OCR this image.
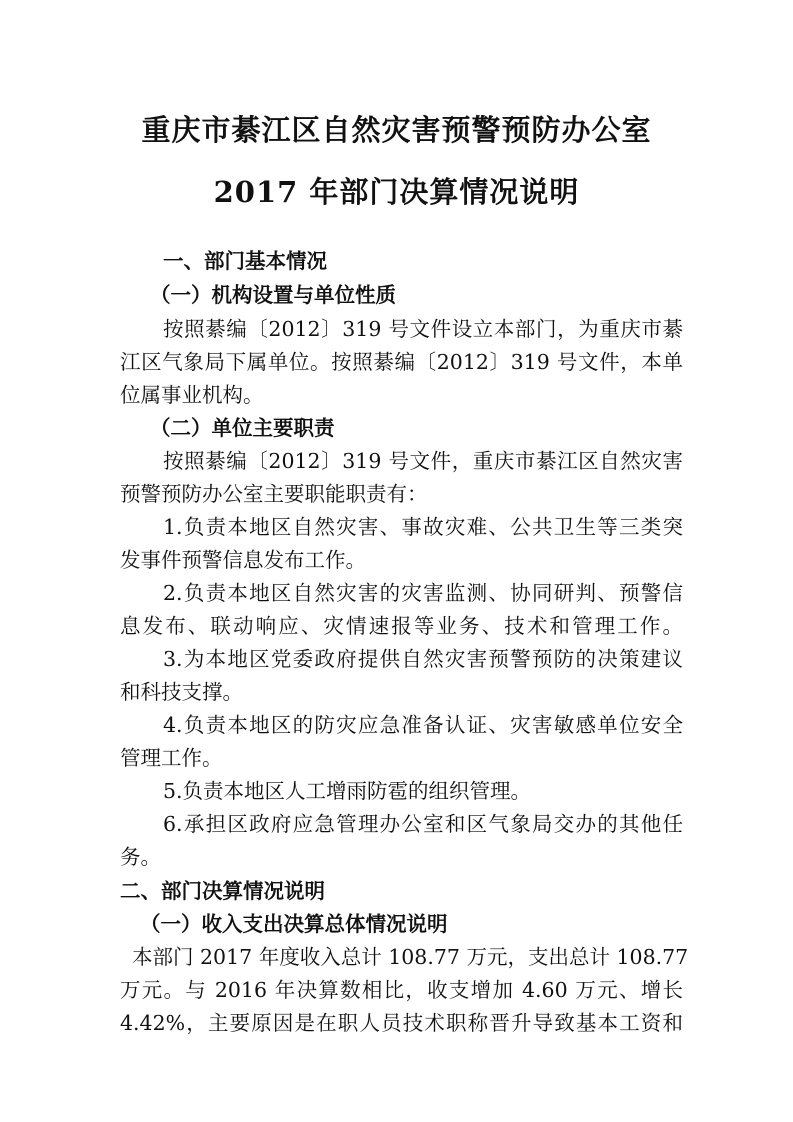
重庆市綦江区自然灾害预警预防办公室
2017 年部门决算情况说明
一、部门基本情况
（一）机构设置与单位性质
按照綦编〔2012〕319 号文件设立本部门，为重庆市綦
江区气象局下属单位。按照綦编〔2012〕319 号文件，本单
位属事业机构。
（二）单位主要职责
按照綦编〔2012〕319 号文件，重庆市綦江区自然灾害
预警预防办公室主要职能职责有：
1.负责本地区自然灾害、事故灾难、公共卫生等三类突
发事件预警信息发布工作。
2.负责本地区自然灾害的灾害监测、协同研判、预警信
息发布、联动响应、灾情速报等业务、技术和管理工作。
3.为本地区党委政府提供自然灾害预警预防的决策建议
和科技支撑。
4.负责本地区的防灾应急准备认证、灾害敏感单位安全
管理工作。
5.负责本地区人工增雨防雹的组织管理。
6.承担区政府应急管理办公室和区气象局交办的其他任
务。
二、部门决算情况说明
（一）收入支出决算总体情况说明
本部门 2017 年度收入总计 108.77 万元，支出总计 108.77
万元。与 2016 年决算数相比，收支增加 4.60 万元、增长
4.42%，主要原因是在职人员技术职称晋升导致基本工资和
